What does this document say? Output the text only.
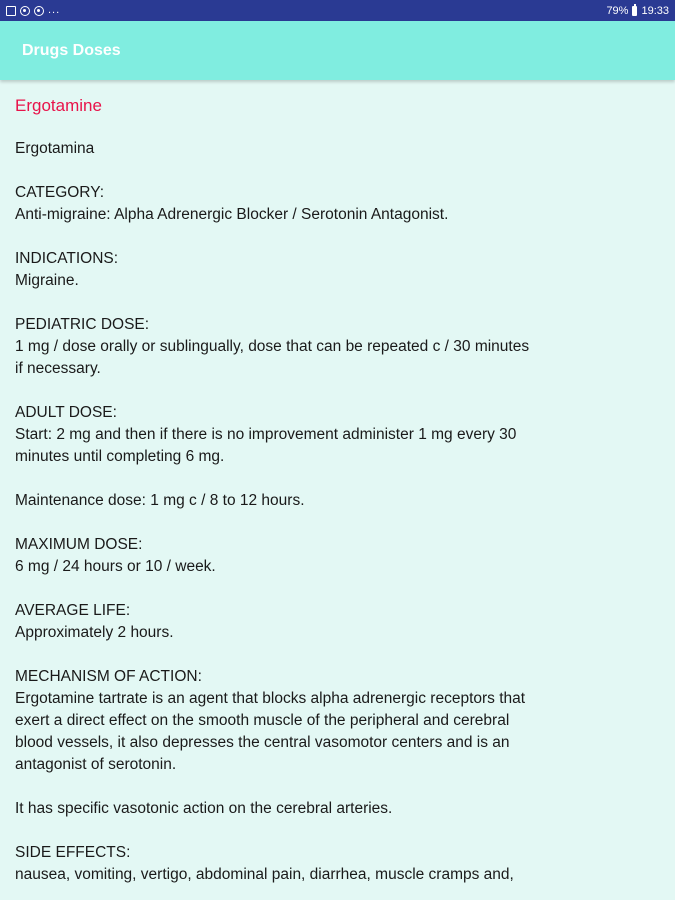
...	79% 19:33
Drugs Doses
Ergotamine
Ergotamina
CATEGORY:
Anti-migraine: Alpha Adrenergic Blocker / Serotonin Antagonist.
INDICATIONS:
Migraine.
PEDIATRIC DOSE:
1 mg / dose orally or sublingually, dose that can be repeated c / 30 minutes
if necessary.
ADULT DOSE:
Start: 2 mg and then if there is no improvement administer 1 mg every 30
minutes until completing 6 mg.
Maintenance dose: 1 mg c / 8 to 12 hours.
MAXIMUM DOSE:
6 mg / 24 hours or 10 / week.
AVERAGE LIFE:
Approximately 2 hours.
MECHANISM OF ACTION:
Ergotamine tartrate is an agent that blocks alpha adrenergic receptors that
exert a direct effect on the smooth muscle of the peripheral and cerebral
blood vessels, it also depresses the central vasomotor centers and is an
antagonist of serotonin.
It has specific vasotonic action on the cerebral arteries.
SIDE EFFECTS:
nausea, vomiting, vertigo, abdominal pain, diarrhea, muscle cramps and,
